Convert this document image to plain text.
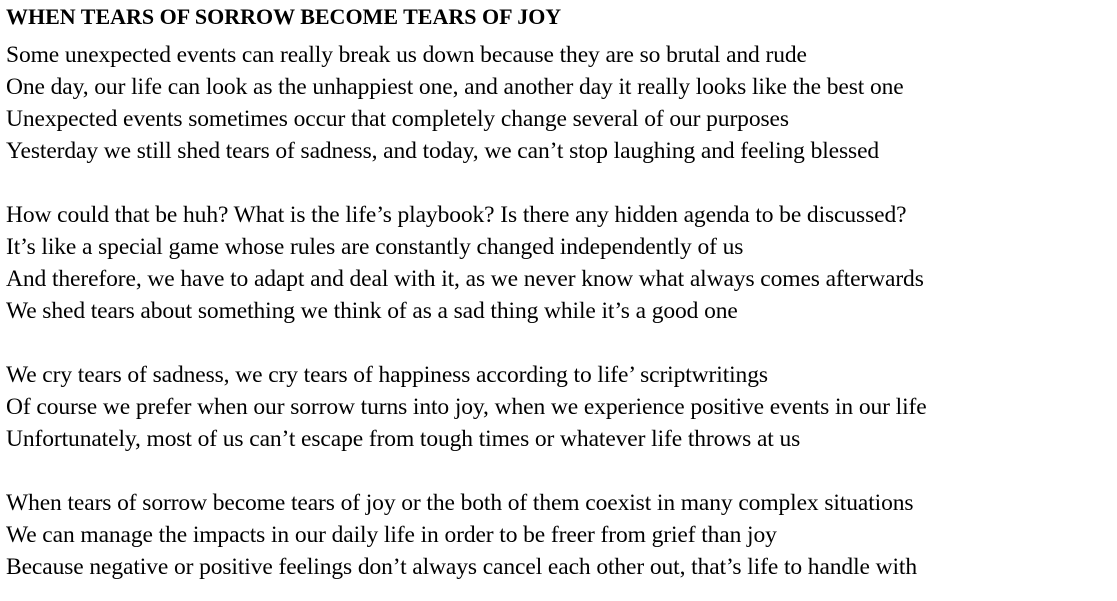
WHEN TEARS OF SORROW BECOME TEARS OF JOY
Some unexpected events can really break us down because they are so brutal and rude
One day, our life can look as the unhappiest one, and another day it really looks like the best one
Unexpected events sometimes occur that completely change several of our purposes
Yesterday we still shed tears of sadness, and today, we can’t stop laughing and feeling blessed
How could that be huh? What is the life’s playbook? Is there any hidden agenda to be discussed?
It’s like a special game whose rules are constantly changed independently of us
And therefore, we have to adapt and deal with it, as we never know what always comes afterwards
We shed tears about something we think of as a sad thing while it’s a good one
We cry tears of sadness, we cry tears of happiness according to life’ scriptwritings
Of course we prefer when our sorrow turns into joy, when we experience positive events in our life
Unfortunately, most of us can’t escape from tough times or whatever life throws at us
When tears of sorrow become tears of joy or the both of them coexist in many complex situations
We can manage the impacts in our daily life in order to be freer from grief than joy
Because negative or positive feelings don’t always cancel each other out, that’s life to handle with
